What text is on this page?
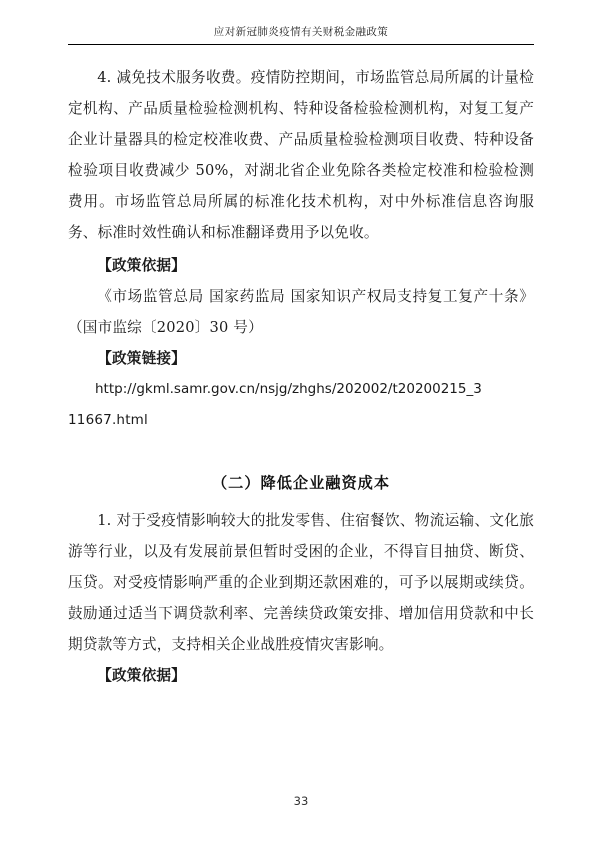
应对新冠肺炎疫情有关财税金融政策

4. 减免技术服务收费。疫情防控期间，市场监管总局所属的计量检定机构、产品质量检验检测机构、特种设备检验检测机构，对复工复产企业计量器具的检定校准收费、产品质量检验检测项目收费、特种设备检验项目收费减少 50%，对湖北省企业免除各类检定校准和检验检测费用。市场监管总局所属的标准化技术机构，对中外标准信息咨询服务、标准时效性确认和标准翻译费用予以免收。

【政策依据】

《市场监管总局 国家药监局 国家知识产权局支持复工复产十条》（国市监综〔2020〕30 号）

【政策链接】

http://gkml.samr.gov.cn/nsjg/zhghs/202002/t20200215_3

11667.html

（二）降低企业融资成本

1. 对于受疫情影响较大的批发零售、住宿餐饮、物流运输、文化旅游等行业，以及有发展前景但暂时受困的企业，不得盲目抽贷、断贷、压贷。对受疫情影响严重的企业到期还款困难的，可予以展期或续贷。鼓励通过适当下调贷款利率、完善续贷政策安排、增加信用贷款和中长期贷款等方式，支持相关企业战胜疫情灾害影响。

【政策依据】

33
